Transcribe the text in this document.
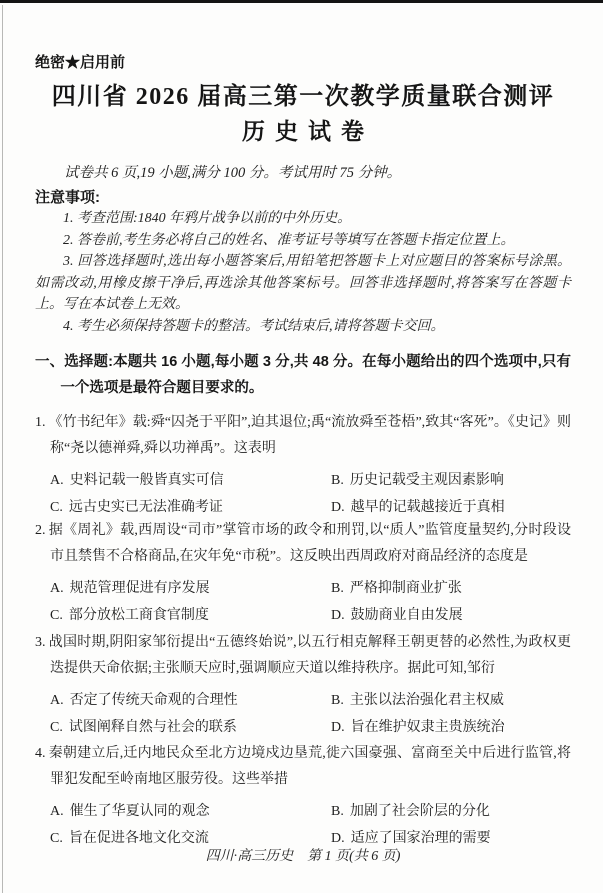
绝密★启用前
四川省 2026 届高三第一次教学质量联合测评
历史试卷
试卷共 6 页,19 小题,满分 100 分。考试用时 75 分钟。
注意事项:

1. 考查范围:1840 年鸦片战争以前的中外历史。

2. 答卷前,考生务必将自己的姓名、准考证号等填写在答题卡指定位置上。

3. 回答选择题时,选出每小题答案后,用铅笔把答题卡上对应题目的答案标号涂黑。如需改动,用橡皮擦干净后,再选涂其他答案标号。回答非选择题时,将答案写在答题卡上。写在本试卷上无效。

4. 考生必须保持答题卡的整洁。考试结束后,请将答题卡交回。

一、选择题:本题共 16 小题,每小题 3 分,共 48 分。在每小题给出的四个选项中,只有一个选项是最符合题目要求的。

1. 《竹书纪年》载:舜“囚尧于平阳”,迫其退位;禹“流放舜至苍梧”,致其“客死”。《史记》则称“尧以德禅舜,舜以功禅禹”。这表明

A. 史料记载一般皆真实可信	B. 历史记载受主观因素影响
C. 远古史实已无法准确考证	D. 越早的记载越接近于真相

2. 据《周礼》载,西周设“司市”掌管市场的政令和刑罚,以“质人”监管度量契约,分时段设市且禁售不合格商品,在灾年免“市税”。这反映出西周政府对商品经济的态度是

A. 规范管理促进有序发展	B. 严格抑制商业扩张
C. 部分放松工商食官制度	D. 鼓励商业自由发展

3. 战国时期,阴阳家邹衍提出“五德终始说”,以五行相克解释王朝更替的必然性,为政权更迭提供天命依据;主张顺天应时,强调顺应天道以维持秩序。据此可知,邹衍

A. 否定了传统天命观的合理性	B. 主张以法治强化君主权威
C. 试图阐释自然与社会的联系	D. 旨在维护奴隶主贵族统治

4. 秦朝建立后,迁内地民众至北方边境戍边垦荒,徙六国豪强、富商至关中后进行监管,将罪犯发配至岭南地区服劳役。这些举措

A. 催生了华夏认同的观念	B. 加剧了社会阶层的分化
C. 旨在促进各地文化交流	D. 适应了国家治理的需要
四川·高三历史　第 1 页(共 6 页)
